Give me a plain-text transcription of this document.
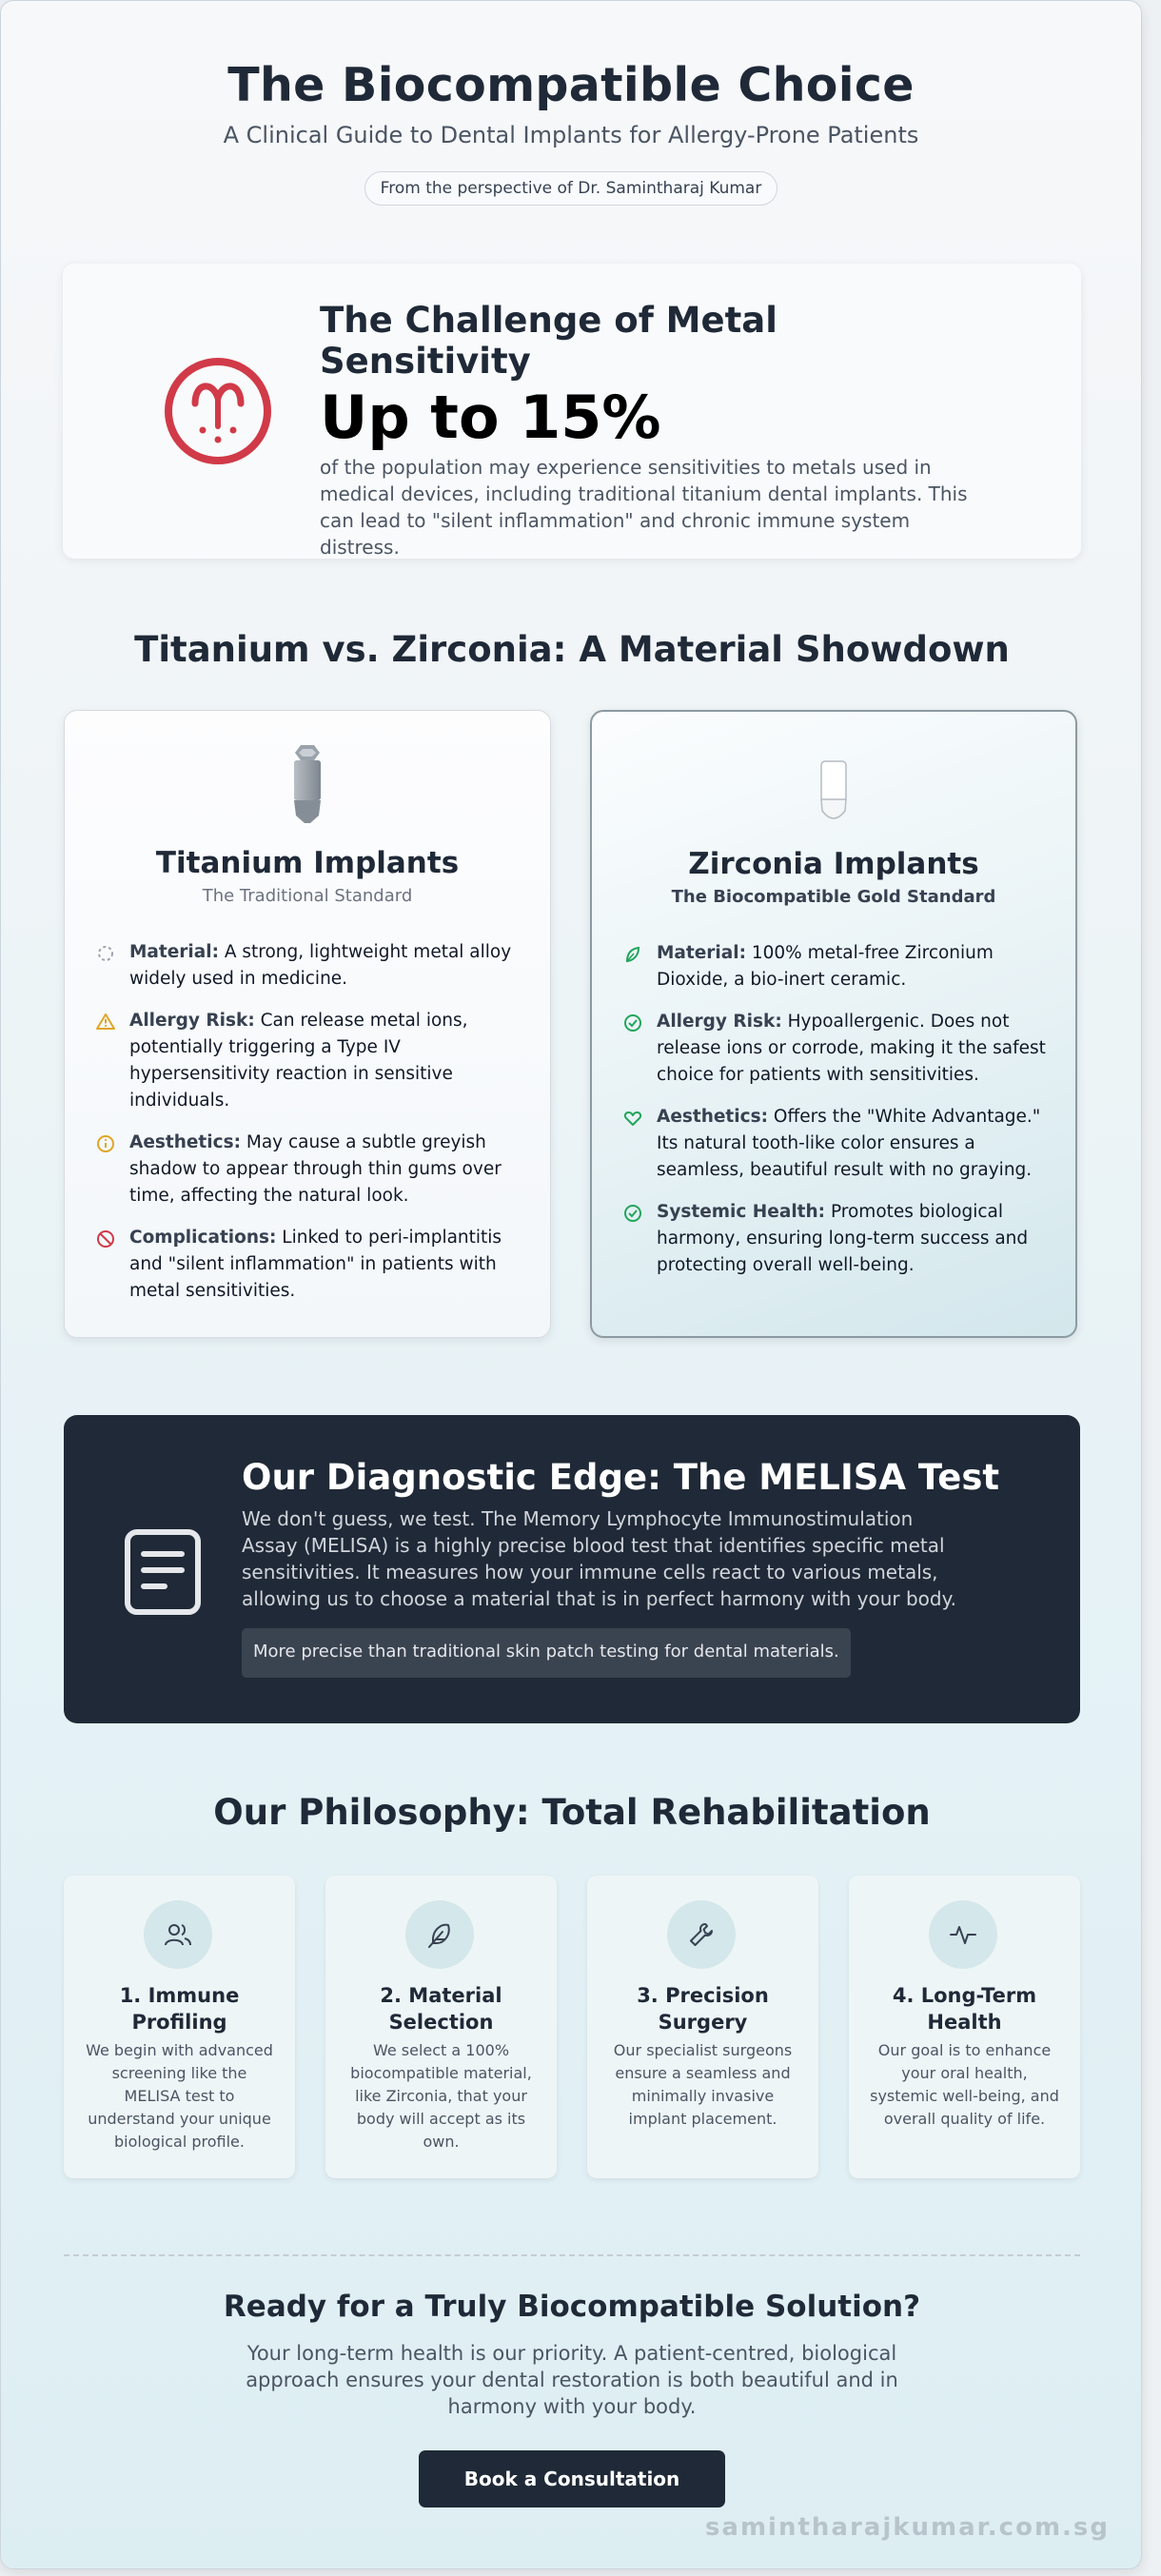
The Biocompatible Choice
A Clinical Guide to Dental Implants for Allergy-Prone Patients
From the perspective of Dr. Samintharaj Kumar
The Challenge of Metal Sensitivity
Up to 15%

of the population may experience sensitivities to metals used in medical devices, including traditional titanium dental implants. This can lead to "silent inflammation" and chronic immune system distress.

Titanium vs. Zirconia: A Material Showdown
Titanium Implants
The Traditional Standard
Material: A strong, lightweight metal alloy widely used in medicine.
Allergy Risk: Can release metal ions, potentially triggering a Type IV hypersensitivity reaction in sensitive individuals.
Aesthetics: May cause a subtle greyish shadow to appear through thin gums over time, affecting the natural look.
Complications: Linked to peri-implantitis and "silent inflammation" in patients with metal sensitivities.
Zirconia Implants
The Biocompatible Gold Standard
Material: 100% metal-free Zirconium Dioxide, a bio-inert ceramic.
Allergy Risk: Hypoallergenic. Does not release ions or corrode, making it the safest choice for patients with sensitivities.
Aesthetics: Offers the "White Advantage." Its natural tooth-like color ensures a seamless, beautiful result with no graying.
Systemic Health: Promotes biological harmony, ensuring long-term success and protecting overall well-being.
Our Diagnostic Edge: The MELISA Test

We don't guess, we test. The Memory Lymphocyte Immunostimulation Assay (MELISA) is a highly precise blood test that identifies specific metal sensitivities. It measures how your immune cells react to various metals, allowing us to choose a material that is in perfect harmony with your body.

More precise than traditional skin patch testing for dental materials.
Our Philosophy: Total Rehabilitation
1. Immune Profiling

We begin with advanced screening like the MELISA test to understand your unique biological profile.

2. Material Selection

We select a 100% biocompatible material, like Zirconia, that your body will accept as its own.

3. Precision Surgery

Our specialist surgeons ensure a seamless and minimally invasive implant placement.

4. Long-Term Health

Our goal is to enhance your oral health, systemic well-being, and overall quality of life.

Ready for a Truly Biocompatible Solution?
Your long-term health is our priority. A patient-centred, biological approach ensures your dental restoration is both beautiful and in harmony with your body.
Book a Consultation
samintharajkumar.com.sg
